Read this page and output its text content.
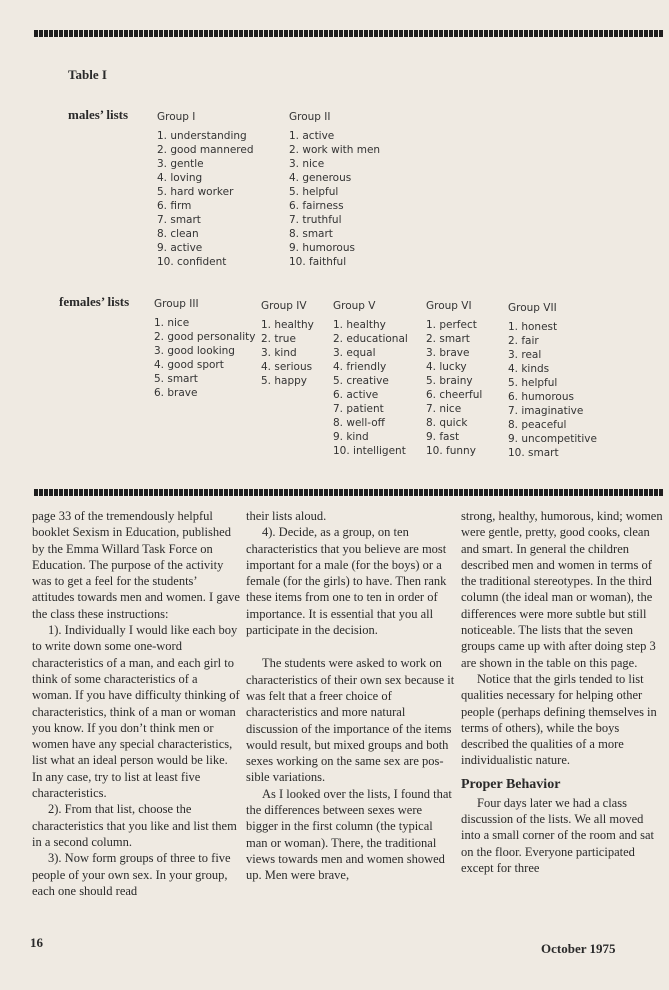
Table I
males’ lists	Group I
1. understanding
2. good mannered
3. gentle
4. loving
5. hard worker
6. firm
7. smart
8. clean
9. active
10. confident
Group II
1. active
2. work with men
3. nice
4. generous
5. helpful
6. fairness
7. truthful
8. smart
9. humorous
10. faithful
females’ lists Group III
1. nice
2. good personality
3. good looking
4. good sport
5. smart
6. brave
Group IV
1. healthy
2. true
3. kind
4. serious
5. happy
Group V
1. healthy
2. educational
3. equal
4. friendly
5. creative
6. active
7. patient
8. well-off
9. kind
10. intelligent
Group VI
1. perfect
2. smart
3. brave
4. lucky
5. brainy
6. cheerful
7. nice
8. quick
9. fast
10. funny
Group VII
1. honest
2. fair
3. real
4. kinds
5. helpful
6. humorous
7. imaginative
8. peaceful
9. uncompetitive
10. smart

page 33 of the tremendously helpful booklet Sexism in Education, published by the Emma Willard Task Force on Education. The purpose of the activity was to get a feel for the students’ attitudes towards men and women. I gave the class these instructions:

1). Individually I would like each boy to write down some one-word characteristics of a man, and each girl to think of some characteristics of a woman. If you have difficulty thinking of characteristics, think of a man or woman you know. If you don’t think men or women have any special characteristics, list what an ideal person would be like. In any case, try to list at least five characteristics.

2). From that list, choose the characteristics that you like and list them in a second column.

3). Now form groups of three to five people of your own sex. In your group, each one should read

their lists aloud.

4). Decide, as a group, on ten characteristics that you believe are most important for a male (for the boys) or a female (for the girls) to have. Then rank these items from one to ten in order of importance. It is essential that you all participate in the decision.

The students were asked to work on characteristics of their own sex because it was felt that a freer choice of characteristics and more natural discussion of the importance of the items would result, but mixed groups and both sexes working on the same sex are possible variations.

As I looked over the lists, I found that the differences between sexes were bigger in the first column (the typical man or woman). There, the traditional views towards men and women showed up. Men were brave,

strong, healthy, humorous, kind; women were gentle, pretty, good cooks, clean and smart. In general the children described men and women in terms of the traditional stereotypes. In the third column (the ideal man or woman), the differences were more subtle but still noticeable. The lists that the seven groups came up with after doing step 3 are shown in the table on this page.

Notice that the girls tended to list qualities necessary for helping other people (perhaps defining themselves in terms of others), while the boys described the qualities of a more individualistic nature.

Proper Behavior

Four days later we had a class discussion of the lists. We all moved into a small corner of the room and sat on the floor. Everyone participated except for three

16	October 1975
